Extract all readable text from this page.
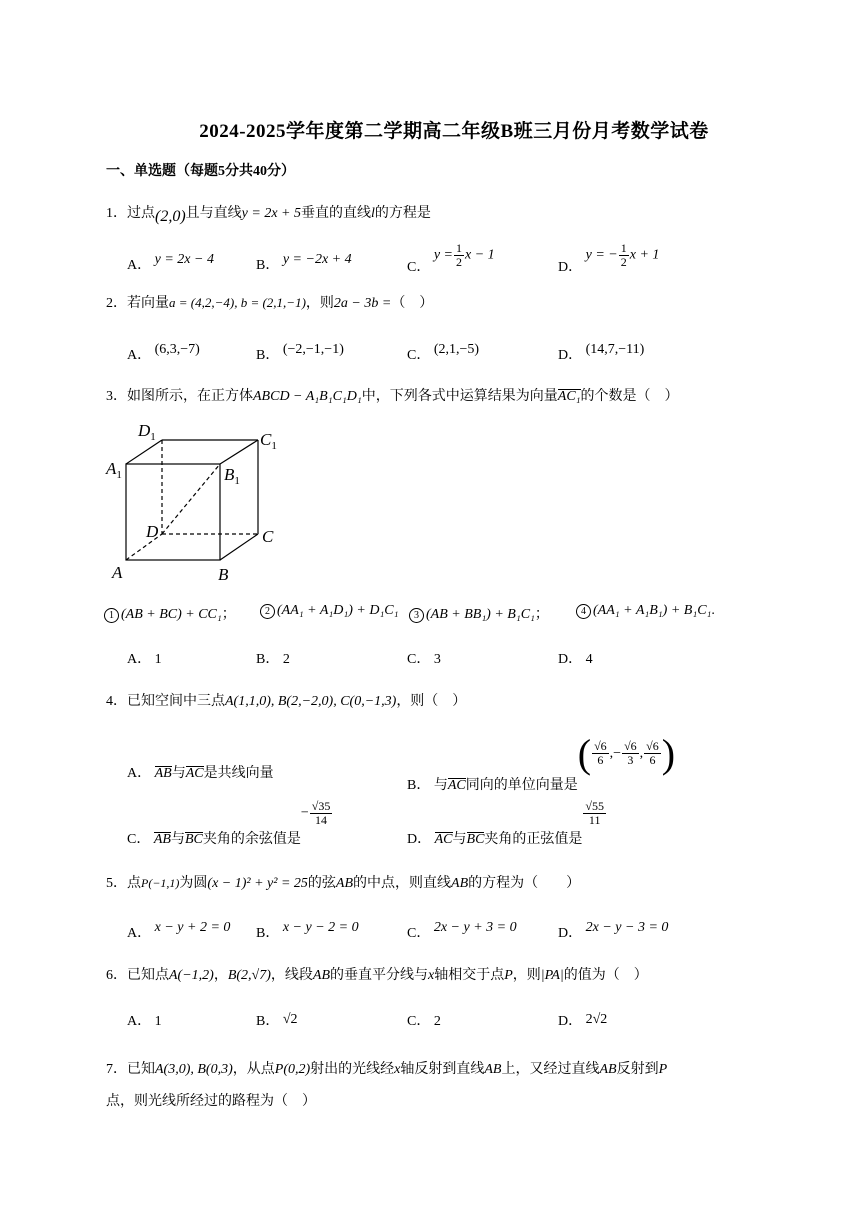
2024-2025学年度第二学期高二年级B班三月份月考数学试卷
一、单选题（每题5分共40分）
1．过点(2,0)且与直线y = 2x + 5垂直的直线l的方程是
A． y = 2x − 4	B． y = −2x + 4
C． $y = \frac{1}{2}$ x − 1
D． y = − $\frac{1}{2}$ x + 1
2．若向量a = (4,2,−4), b = (2,1,−1)，则2a − 3b =（　）
A． (6,3,−7)	B． (−2,−1,−1)	C． (2,1,−5)	D． (14,7,−11)
3．如图所示，在正方体ABCD − A₁B₁C₁D₁中，下列各式中运算结果为向量AC₁的个数是（　）
$D_1$	$C_1$
$A_1$	$B_1$
D	C
A	B
1 (AB + BC) + CC₁；	2 (AA₁ + A₁D₁) + D₁C₁	3 (AB + BB₁) + B₁C₁；	4 (AA₁ + A₁B₁) + B₁C₁.
A． 1	B． 2	C． 3	D． 4
4．已知空间中三点A(1,1,0), B(2,−2,0), C(0,−1,3)，则（　）
A． AB与AC是共线向量
B． 与AC同向的单位向量是( $\frac{√6}{6}$ ,− $\frac{√6}{3}$ , $\frac{√6}{6}$ )
C． AB与BC夹角的余弦值是− $\frac{√35}{14}$
D． AC与BC夹角的正弦值是
$\frac{√55}{11}$
5．点P(−1,1)为圆(x − 1)² + y² = 25的弦AB的中点，则直线AB的方程为（　　）
A． x − y + 2 = 0 B． x − y − 2 = 0	C． 2x − y + 3 = 0	D． 2x − y − 3 = 0
6．已知点A(−1,2)，B(2,√7)，线段AB的垂直平分线与x轴相交于点P，则|PA|的值为（　）
A． 1	B． √2	C． 2	D． 2√2
7．已知A(3,0), B(0,3)，从点P(0,2)射出的光线经x轴反射到直线AB上，又经过直线AB反射到P
点，则光线所经过的路程为（　）
